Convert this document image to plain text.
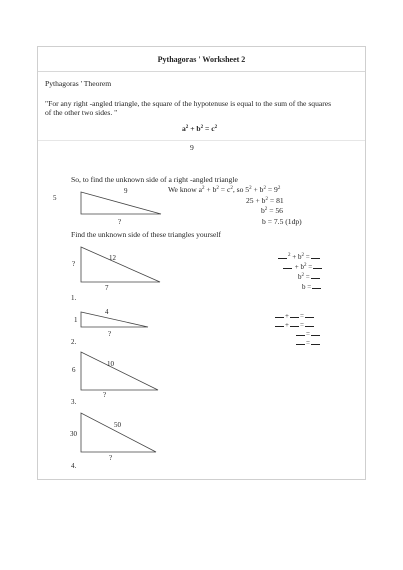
Pythagoras ' Worksheet 2
Pythagoras ' Theorem
"For any right -angled triangle, the square of the hypotenuse is equal to the sum of the squares
of the other two sides. "
$a^2 + b^2 = c^2$
9
So, to find the unknown side of a right -angled triangle
We know $a^2 + b^2 = c^2$, so $5^2 + b^2 = 9^2$
$25 + b^2 = 81$
$b^2 = 56$
b = 7.5 (1dp)
Find the unknown side of these triangles yourself
5
9
?
?
12
7
1.
1
4
?
2.
6
10
?
3.
30
50
?
4.
$^2 + b^2$ =
+ $b^2$ =
$b^2$ =
b =
+ =
+ =
=
=
